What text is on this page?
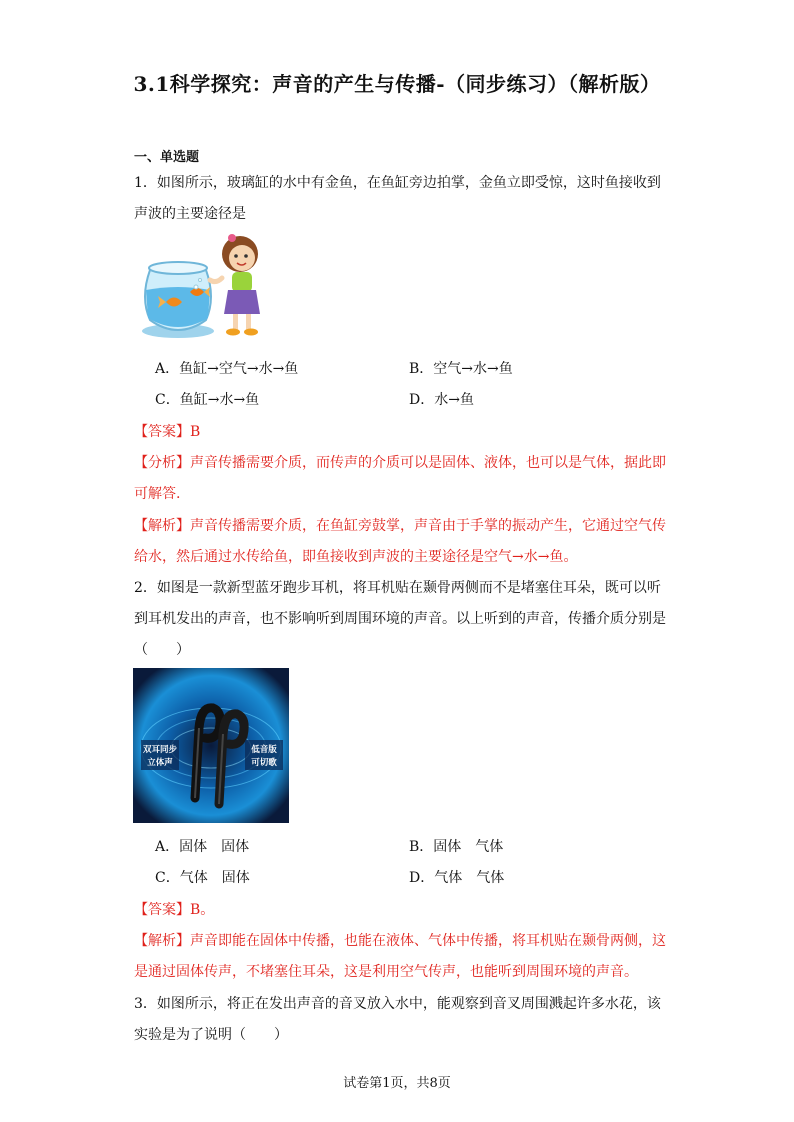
3.1科学探究：声音的产生与传播-（同步练习）（解析版）
一、单选题
1．如图所示，玻璃缸的水中有金鱼，在鱼缸旁边拍掌，金鱼立即受惊，这时鱼接收到
声波的主要途径是
A．鱼缸→空气→水→鱼	B．空气→水→鱼
C．鱼缸→水→鱼	D．水→鱼
【答案】B
【分析】声音传播需要介质，而传声的介质可以是固体、液体，也可以是气体，据此即
可解答.
【解析】声音传播需要介质，在鱼缸旁鼓掌，声音由于手掌的振动产生，它通过空气传
给水，然后通过水传给鱼，即鱼接收到声波的主要途径是空气→水→鱼。
2．如图是一款新型蓝牙跑步耳机，将耳机贴在颞骨两侧而不是堵塞住耳朵，既可以听
到耳机发出的声音，也不影响听到周围环境的声音。以上听到的声音，传播介质分别是
（　　）
双耳同步
立体声
低音版
可切歌
A．固体　固体	B．固体　气体
C．气体　固体	D．气体　气体
【答案】B。
【解析】声音即能在固体中传播，也能在液体、气体中传播，将耳机贴在颞骨两侧，这
是通过固体传声，不堵塞住耳朵，这是利用空气传声，也能听到周围环境的声音。
3．如图所示，将正在发出声音的音叉放入水中，能观察到音叉周围溅起许多水花，该
实验是为了说明（　　）
试卷第1页，共8页
